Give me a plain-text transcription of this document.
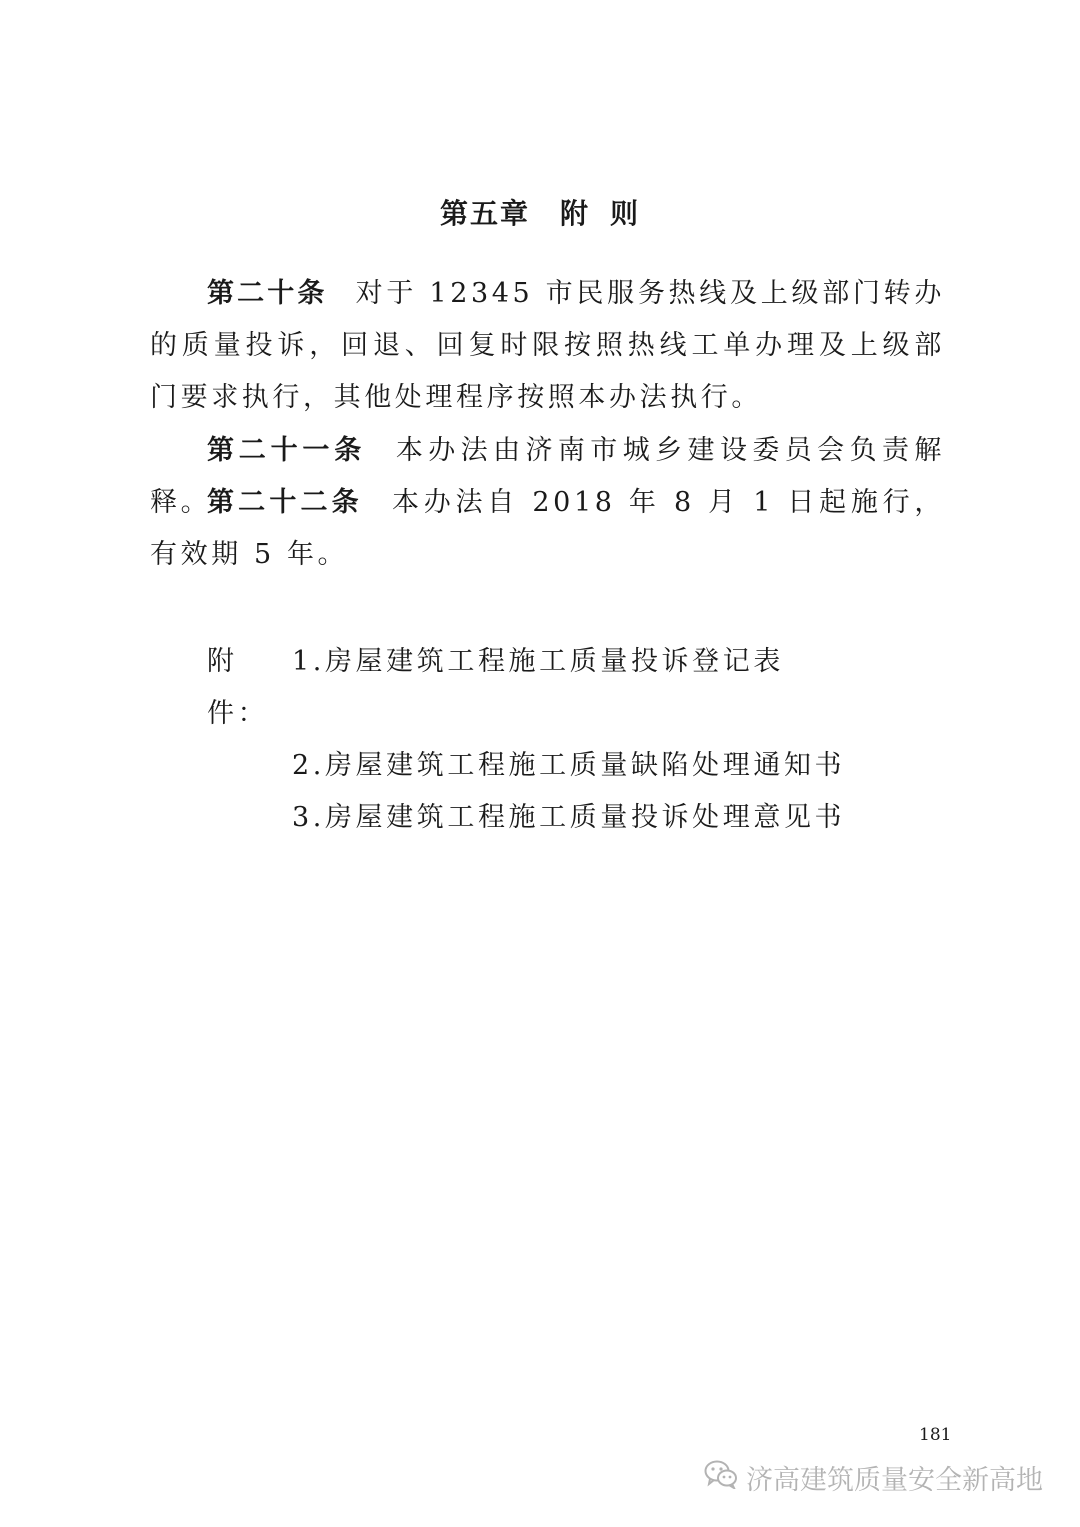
第五章 附 则

第二十条 对于 12345 市民服务热线及上级部门转办的质量投诉，回退、回复时限按照热线工单办理及上级部门要求执行，其他处理程序按照本办法执行。

第二十一条 本办法由济南市城乡建设委员会负责解释。

第二十二条 本办法自 2018 年 8 月 1 日起施行，有效期 5 年。

附件：
1.房屋建筑工程施工质量投诉登记表
2.房屋建筑工程施工质量缺陷处理通知书
3.房屋建筑工程施工质量投诉处理意见书
181
济高建筑质量安全新高地
